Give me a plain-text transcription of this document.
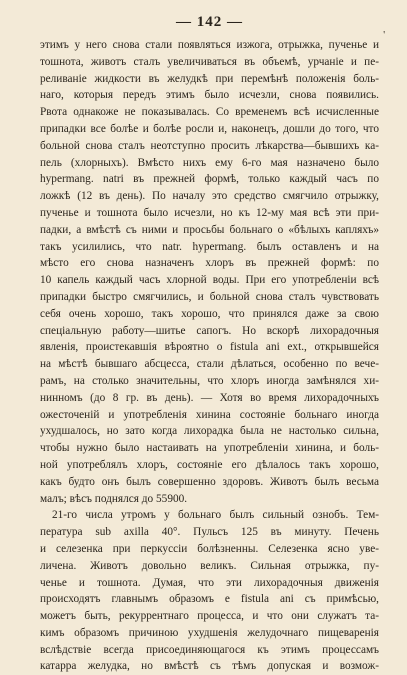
— 142 —
'
этимъ у него снова стали появляться изжога, отрыжка, пученье и
тошнота, животъ сталъ увеличиваться въ объемѣ, урчаніе и пе-
реливаніе жидкости въ желудкѣ при перемѣнѣ положенія боль-
наго, которыя передъ этимъ было исчезли, снова появились.
Рвота однакоже не показывалась. Со временемъ всѣ исчисленные
припадки все болѣе и болѣе росли и, наконецъ, дошли до того, что
больной снова сталъ неотступно просить лѣкарства—бывшихъ ка-
пель (хлорныхъ). Вмѣсто нихъ ему 6-го мая назначено было
hypermang. natri въ прежней формѣ, только каждый часъ по
ложкѣ (12 въ день). По началу это средство смягчило отрыжку,
пученье и тошнота было исчезли, но къ 12-му мая всѣ эти при-
падки, а вмѣстѣ съ ними и просьбы больнаго о «бѣлыхъ капляхъ»
такъ усилились, что natr. hypermang. былъ оставленъ и на
мѣсто его снова назначенъ хлоръ въ прежней формѣ: по
10 капель каждый часъ хлорной воды. При его употребленіи всѣ
припадки быстро смягчились, и больной снова сталъ чувствовать
себя очень хорошо, такъ хорошо, что принялся даже за свою
спеціальную работу—шитье сапогъ. Но вскорѣ лихорадочныя
явленія, проистекавшія вѣроятно о fistula ani ext., открывшейся
на мѣстѣ бывшаго абсцесса, стали дѣлаться, особенно по вече-
рамъ, на столько значительны, что хлоръ иногда замѣнялся хи-
нинномъ (до 8 гр. въ день). — Хотя во время лихорадочныхъ
ожесточеній и употребленія хинина состояніе больнаго иногда
ухудшалось, но зато когда лихорадка была не настолько сильна,
чтобы нужно было настаивать на употребленіи хинина, и боль-
ной употреблялъ хлоръ, состояніе его дѣлалось такъ хорошо,
какъ будто онъ былъ совершенно здоровъ. Животъ былъ весьма
малъ; вѣсъ поднялся до 55900.
21-го числа утромъ у больнаго былъ сильный ознобъ. Тем-
пература sub axilla 40°. Пульсъ 125 въ минуту. Печень
и селезенка при перкуссіи болѣзненны. Селезенка ясно уве-
личена. Животъ довольно великъ. Сильная отрыжка, пу-
ченье и тошнота. Думая, что эти лихорадочныя движенія
происходятъ главнымъ образомъ е fistula ani съ примѣсью,
можетъ быть, рекуррентнаго процесса, и что они служатъ та-
кимъ образомъ причиною ухудшенія желудочнаго пищеваренія
вслѣдствіе всегда присоединяющагося къ этимъ процессамъ
катарра желудка, но вмѣстѣ съ тѣмъ допуская и возмож-
